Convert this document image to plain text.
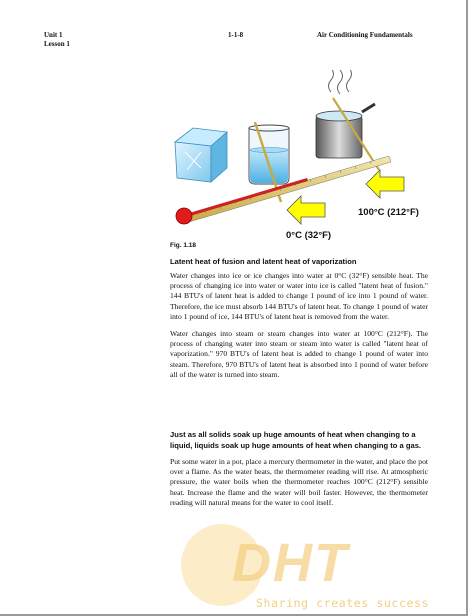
Unit 1
Lesson 1
1-1-8	Air Conditioning Fundamentals
100°C (212°F)
0°C (32°F)
Fig. 1.18

Latent heat of fusion and latent heat of vaporization

Water changes into ice or ice changes into water at 0°C (32°F) sensible heat. The process of changing ice into water or water into ice is called "latent heat of fusion." 144 BTU's of latent heat is added to change 1 pound of ice into 1 pound of water. Therefore, the ice must absorb 144 BTU's of latent heat. To change 1 pound of water into 1 pound of ice, 144 BTU's of latent heat is removed from the water.

Water changes into steam or steam changes into water at 100°C (212°F). The process of changing water into steam or steam into water is called "latent heat of vaporization." 970 BTU's of latent heat is added to change 1 pound of water into steam. Therefore, 970 BTU's of latent heat is absorbed into 1 pound of water before all of the water is turned into steam.

Just as all solids soak up huge amounts of heat when changing to a liquid, liquids soak up huge amounts of heat when changing to a gas.

Put some water in a pot, place a mercury thermometer in the water, and place the pot over a flame. As the water heats, the thermometer reading will rise. At atmospheric pressure, the water boils when the thermometer reaches 100°C (212°F) sensible heat. Increase the flame and the water will boil faster. However, the thermometer reading will natural means for the water to cool itself.

DHT
Sharing creates success
